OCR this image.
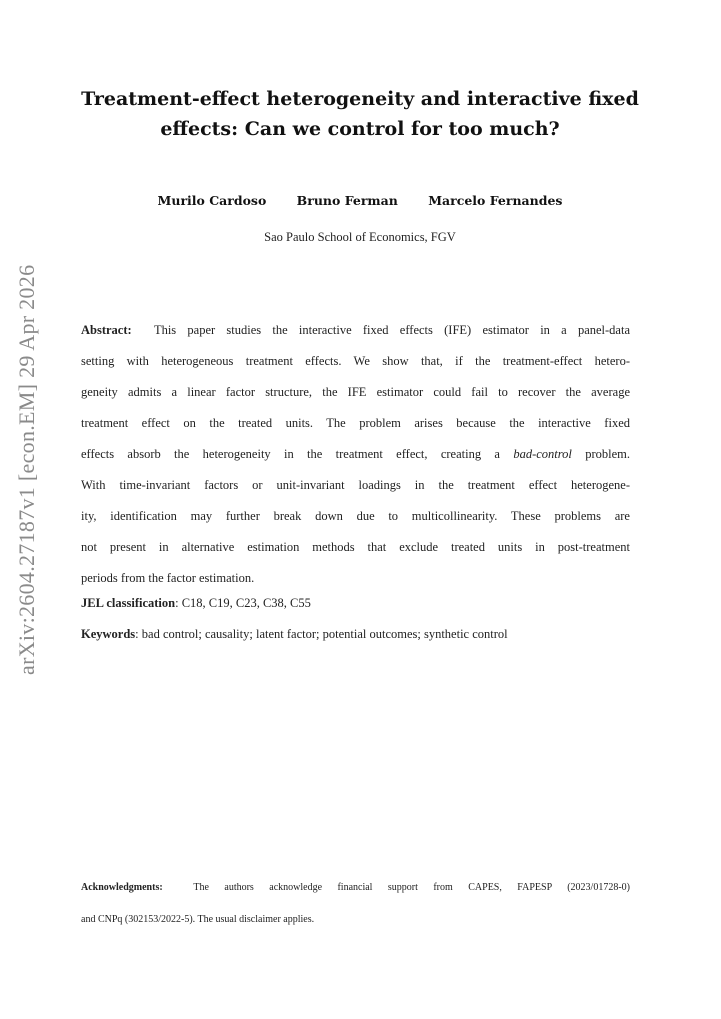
arXiv:2604.27187v1 [econ.EM] 29 Apr 2026
Treatment-effect heterogeneity and interactive fixed
effects: Can we control for too much?
Murilo Cardoso Bruno Ferman Marcelo Fernandes
Sao Paulo School of Economics, FGV
Abstract: This paper studies the interactive fixed effects (IFE) estimator in a panel-data
setting with heterogeneous treatment effects. We show that, if the treatment-effect hetero-
geneity admits a linear factor structure, the IFE estimator could fail to recover the average
treatment effect on the treated units. The problem arises because the interactive fixed
effects absorb the heterogeneity in the treatment effect, creating a bad-control problem.
With time-invariant factors or unit-invariant loadings in the treatment effect heterogene-
ity, identification may further break down due to multicollinearity. These problems are
not present in alternative estimation methods that exclude treated units in post-treatment
periods from the factor estimation.
JEL classification: C18, C19, C23, C38, C55
Keywords: bad control; causality; latent factor; potential outcomes; synthetic control
Acknowledgments:	The authors acknowledge financial support from CAPES, FAPESP (2023/01728-0)
and CNPq (302153/2022-5). The usual disclaimer applies.
